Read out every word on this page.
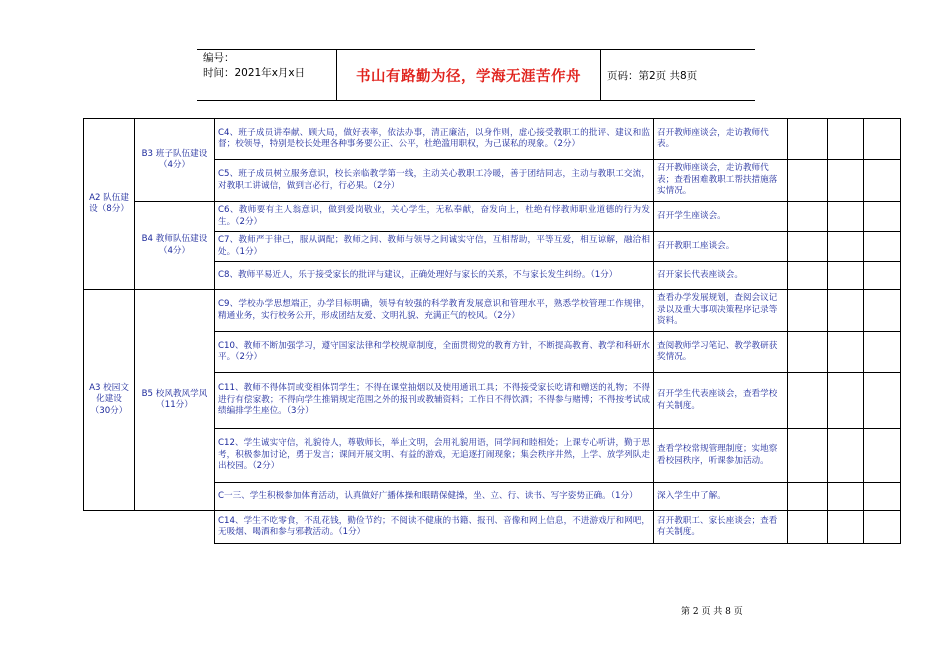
编号：
时间：2021年x月x日	书山有路勤为径，学海无涯苦作舟	页码：第2页 共8页
A2 队伍建设（8分）	B3 班子队伍建设（4分）	C4、班子成员讲奉献、顾大局，做好表率，依法办事，清正廉洁，以身作则，虚心接受教职工的批评、建议和监督；校领导，特别是校长处理各种事务要公正、公平，杜绝滥用职权，为己谋私的现象。（2分）	召开教师座谈会，走访教师代表。			
		C5、班子成员树立服务意识，校长亲临教学第一线，主动关心教职工冷暖，善于团结同志，主动与教职工交流，对教职工讲诚信，做到言必行，行必果。（2分）	召开教师座谈会，走访教师代表；查看困难教职工帮扶措施落实情况。			
	B4 教师队伍建设（4分）	C6、教师要有主人翁意识，做到爱岗敬业，关心学生，无私奉献，奋发向上，杜绝有悖教师职业道德的行为发生。（2分）	召开学生座谈会。			
		C7、教师严于律己，服从调配；教师之间、教师与领导之间诚实守信，互相帮助，平等互爱，相互谅解，融洽相处。（1分）	召开教职工座谈会。			
		C8、教师平易近人，乐于接受家长的批评与建议，正确处理好与家长的关系，不与家长发生纠纷。（1分）	召开家长代表座谈会。			
A3 校园文化建设（30分）	B5 校风教风学风（11分）	C9、学校办学思想端正，办学目标明确，领导有较强的科学教育发展意识和管理水平，熟悉学校管理工作规律，精通业务，实行校务公开，形成团结友爱、文明礼貌、充满正气的校风。（2分）	查看办学发展规划，查阅会议记录以及重大事项决策程序记录等资料。			
		C10、教师不断加强学习，遵守国家法律和学校规章制度，全面贯彻党的教育方针，不断提高教育、教学和科研水平。（2分）	查阅教师学习笔记、教学教研获奖情况。			
		C11、教师不得体罚或变相体罚学生；不得在课堂抽烟以及使用通讯工具；不得接受家长吃请和赠送的礼物；不得进行有偿家教；不得向学生推销规定范围之外的报刊或教辅资料；工作日不得饮酒；不得参与赌博；不得按考试成绩编排学生座位。（3分）	召开学生代表座谈会，查看学校有关制度。			
		C12、学生诚实守信，礼貌待人，尊敬师长，举止文明，会用礼貌用语，同学间和睦相处；上课专心听讲，勤于思考，积极参加讨论，勇于发言；课间开展文明、有益的游戏，无追逐打闹现象；集会秩序井然，上学、放学列队走出校园。（2分）	查看学校常规管理制度；实地察看校园秩序，听课参加活动。			
		C一三、学生积极参加体育活动，认真做好广播体操和眼睛保健操，坐、立、行、读书、写字姿势正确。（1分）	深入学生中了解。			
		C14、学生不吃零食，不乱花钱，勤俭节约；不阅读不健康的书籍、报刊、音像和网上信息，不进游戏厅和网吧，无吸烟、喝酒和参与邪教活动。（1分）	召开教职工、家长座谈会；查看有关制度。			
第 2 页 共 8 页
